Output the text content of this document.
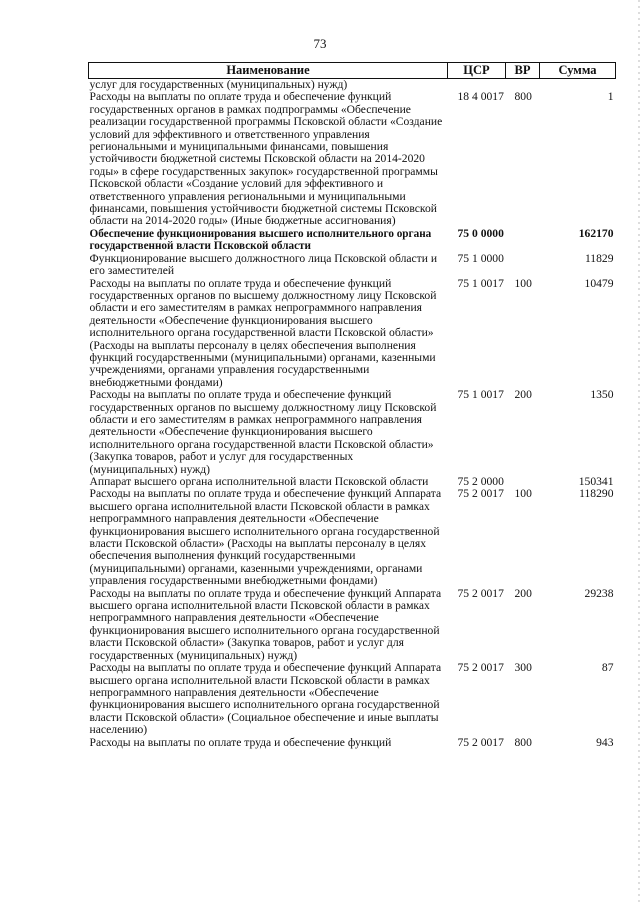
73
Наименование	ЦСР	ВР	Сумма
услуг для государственных (муниципальных) нужд)			
Расходы на выплаты по оплате труда и обеспечение функций государственных органов в рамках подпрограммы «Обеспечение реализации государственной программы Псковской области «Создание условий для эффективного и ответственного управления региональными и муниципальными финансами, повышения устойчивости бюджетной системы Псковской области на 2014-2020 годы» в сфере государственных закупок» государственной программы Псковской области «Создание условий для эффективного и ответственного управления региональными и муниципальными финансами, повышения устойчивости бюджетной системы Псковской области на 2014-2020 годы» (Иные бюджетные ассигнования)	18 4 0017	800	1
Обеспечение функционирования высшего исполнительного органа государственной власти Псковской области	75 0 0000		162170
Функционирование высшего должностного лица Псковской области и его заместителей	75 1 0000		11829
Расходы на выплаты по оплате труда и обеспечение функций государственных органов по высшему должностному лицу Псковской области и его заместителям в рамках непрограммного направления деятельности «Обеспечение функционирования высшего исполнительного органа государственной власти Псковской области» (Расходы на выплаты персоналу в целях обеспечения выполнения функций государственными (муниципальными) органами, казенными учреждениями, органами управления государственными внебюджетными фондами)	75 1 0017	100	10479
Расходы на выплаты по оплате труда и обеспечение функций государственных органов по высшему должностному лицу Псковской области и его заместителям в рамках непрограммного направления деятельности «Обеспечение функционирования высшего исполнительного органа государственной власти Псковской области» (Закупка товаров, работ и услуг для государственных (муниципальных) нужд)	75 1 0017	200	1350
Аппарат высшего органа исполнительной власти Псковской области	75 2 0000		150341
Расходы на выплаты по оплате труда и обеспечение функций Аппарата высшего органа исполнительной власти Псковской области в рамках непрограммного направления деятельности «Обеспечение функционирования высшего исполнительного органа государственной власти Псковской области» (Расходы на выплаты персоналу в целях обеспечения выполнения функций государственными (муниципальными) органами, казенными учреждениями, органами управления государственными внебюджетными фондами)	75 2 0017	100	118290
Расходы на выплаты по оплате труда и обеспечение функций Аппарата высшего органа исполнительной власти Псковской области в рамках непрограммного направления деятельности «Обеспечение функционирования высшего исполнительного органа государственной власти Псковской области» (Закупка товаров, работ и услуг для государственных (муниципальных) нужд)	75 2 0017	200	29238
Расходы на выплаты по оплате труда и обеспечение функций Аппарата высшего органа исполнительной власти Псковской области в рамках непрограммного направления деятельности «Обеспечение функционирования высшего исполнительного органа государственной власти Псковской области» (Социальное обеспечение и иные выплаты населению)	75 2 0017	300	87
Расходы на выплаты по оплате труда и обеспечение функций	75 2 0017	800	943
